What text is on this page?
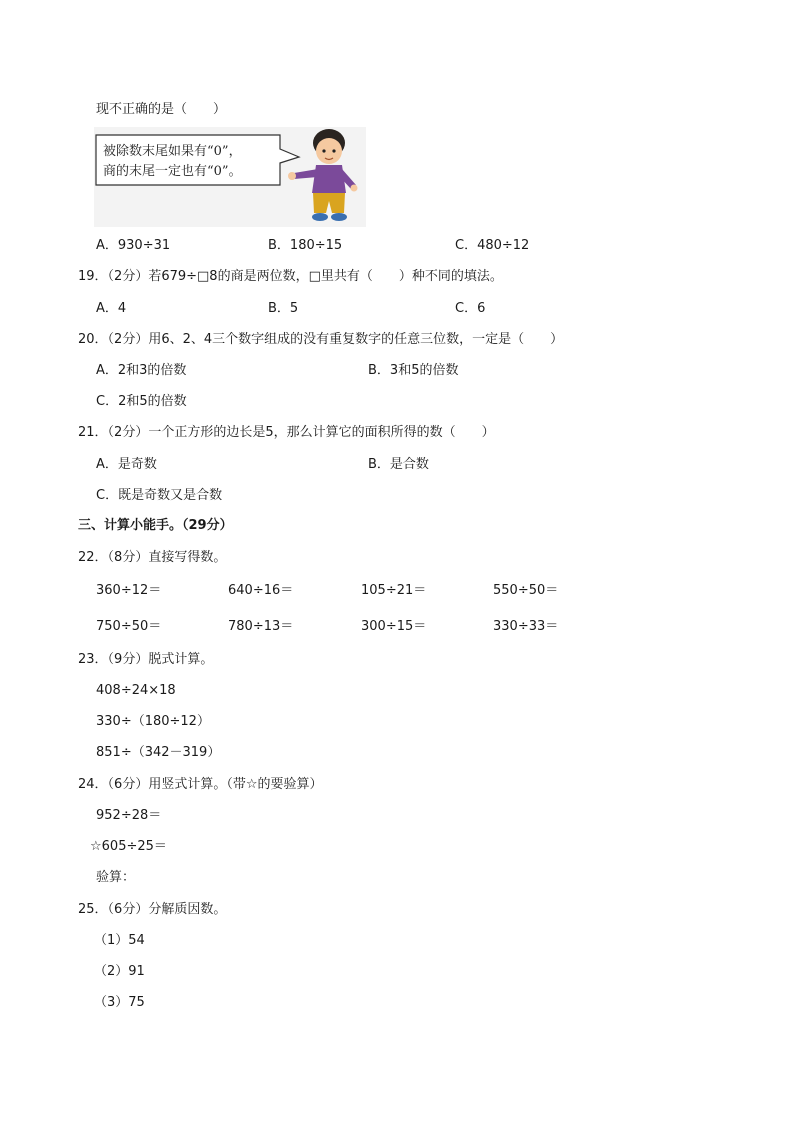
现不正确的是（　　）
被除数末尾如果有“0”，
商的末尾一定也有“0”。
A．930÷31	B．180÷15	C．480÷12
19．（2分）若679÷□8的商是两位数，□里共有（　　）种不同的填法。
A．4	B．5	C．6
20．（2分）用6、2、4三个数字组成的没有重复数字的任意三位数，一定是（　　）
A．2和3的倍数	B．3和5的倍数
C．2和5的倍数
21．（2分）一个正方形的边长是5，那么计算它的面积所得的数（　　）
A．是奇数	B．是合数
C．既是奇数又是合数
三、计算小能手。（29分）
22．（8分）直接写得数。
360÷12＝	640÷16＝	105÷21＝	550÷50＝
750÷50＝	780÷13＝	300÷15＝	330÷33＝
23．（9分）脱式计算。
408÷24×18
330÷（180÷12）
851÷（342－319）
24．（6分）用竖式计算。（带☆的要验算）
952÷28＝
☆605÷25＝
验算：
25．（6分）分解质因数。
（1）54
（2）91
（3）75
